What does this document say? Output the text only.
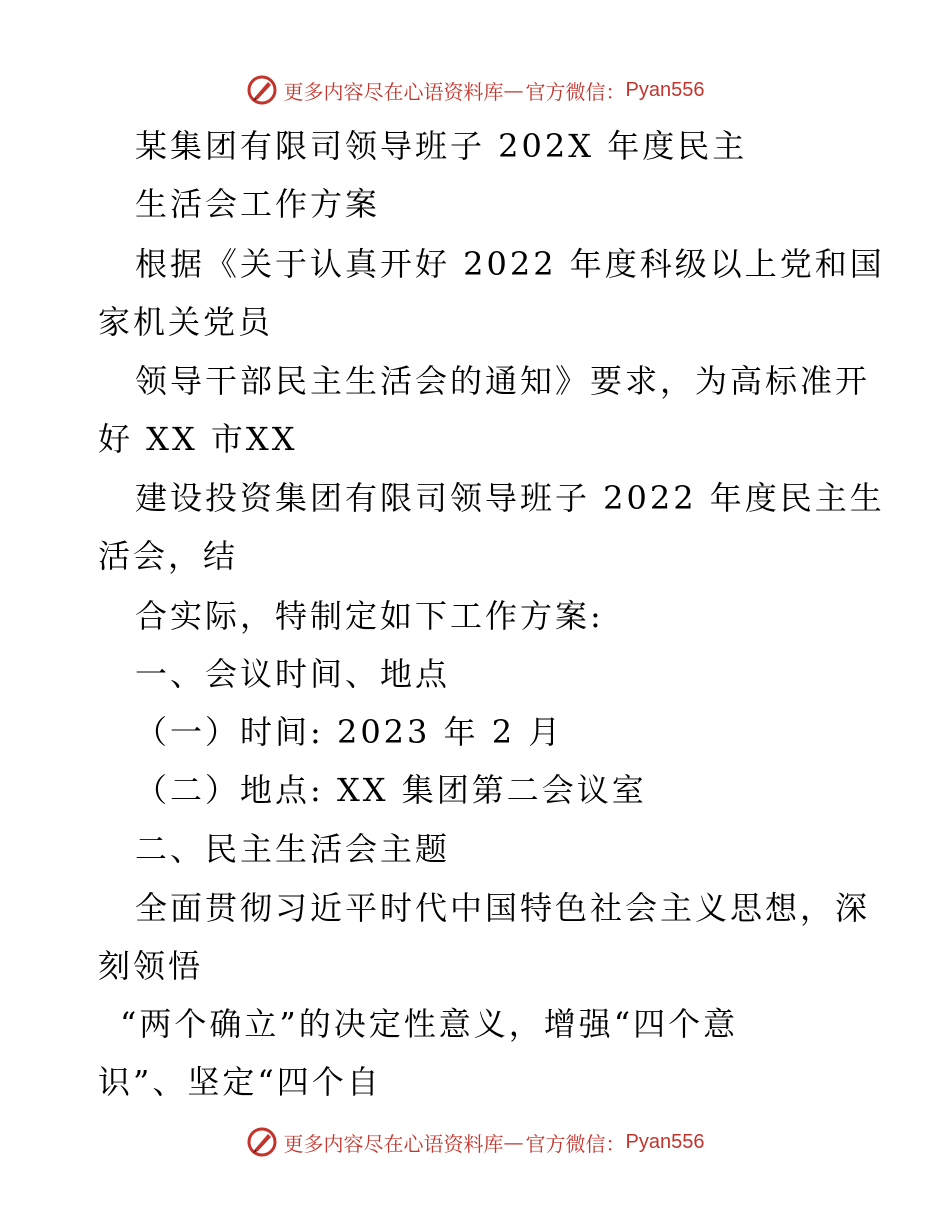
更多内容尽在心语资料库 — 官方微信： Pyan556
某集团有限司领导班子 202X 年度民主
生活会工作方案
根据《关于认真开好 2022 年度科级以上党和国
家机关党员
领导干部民主生活会的通知》要求，为高标准开
好 XX 市XX
建设投资集团有限司领导班子 2022 年度民主生
活会，结
合实际，特制定如下工作方案:
一、会议时间、地点
（一）时间: 2023 年 2 月
（二）地点: XX 集团第二会议室
二、民主生活会主题
全面贯彻习近平时代中国特色社会主义思想，深
刻领悟
“两个确立”的决定性意义，增强“四个意
识”、坚定“四个自
更多内容尽在心语资料库 — 官方微信： Pyan556
